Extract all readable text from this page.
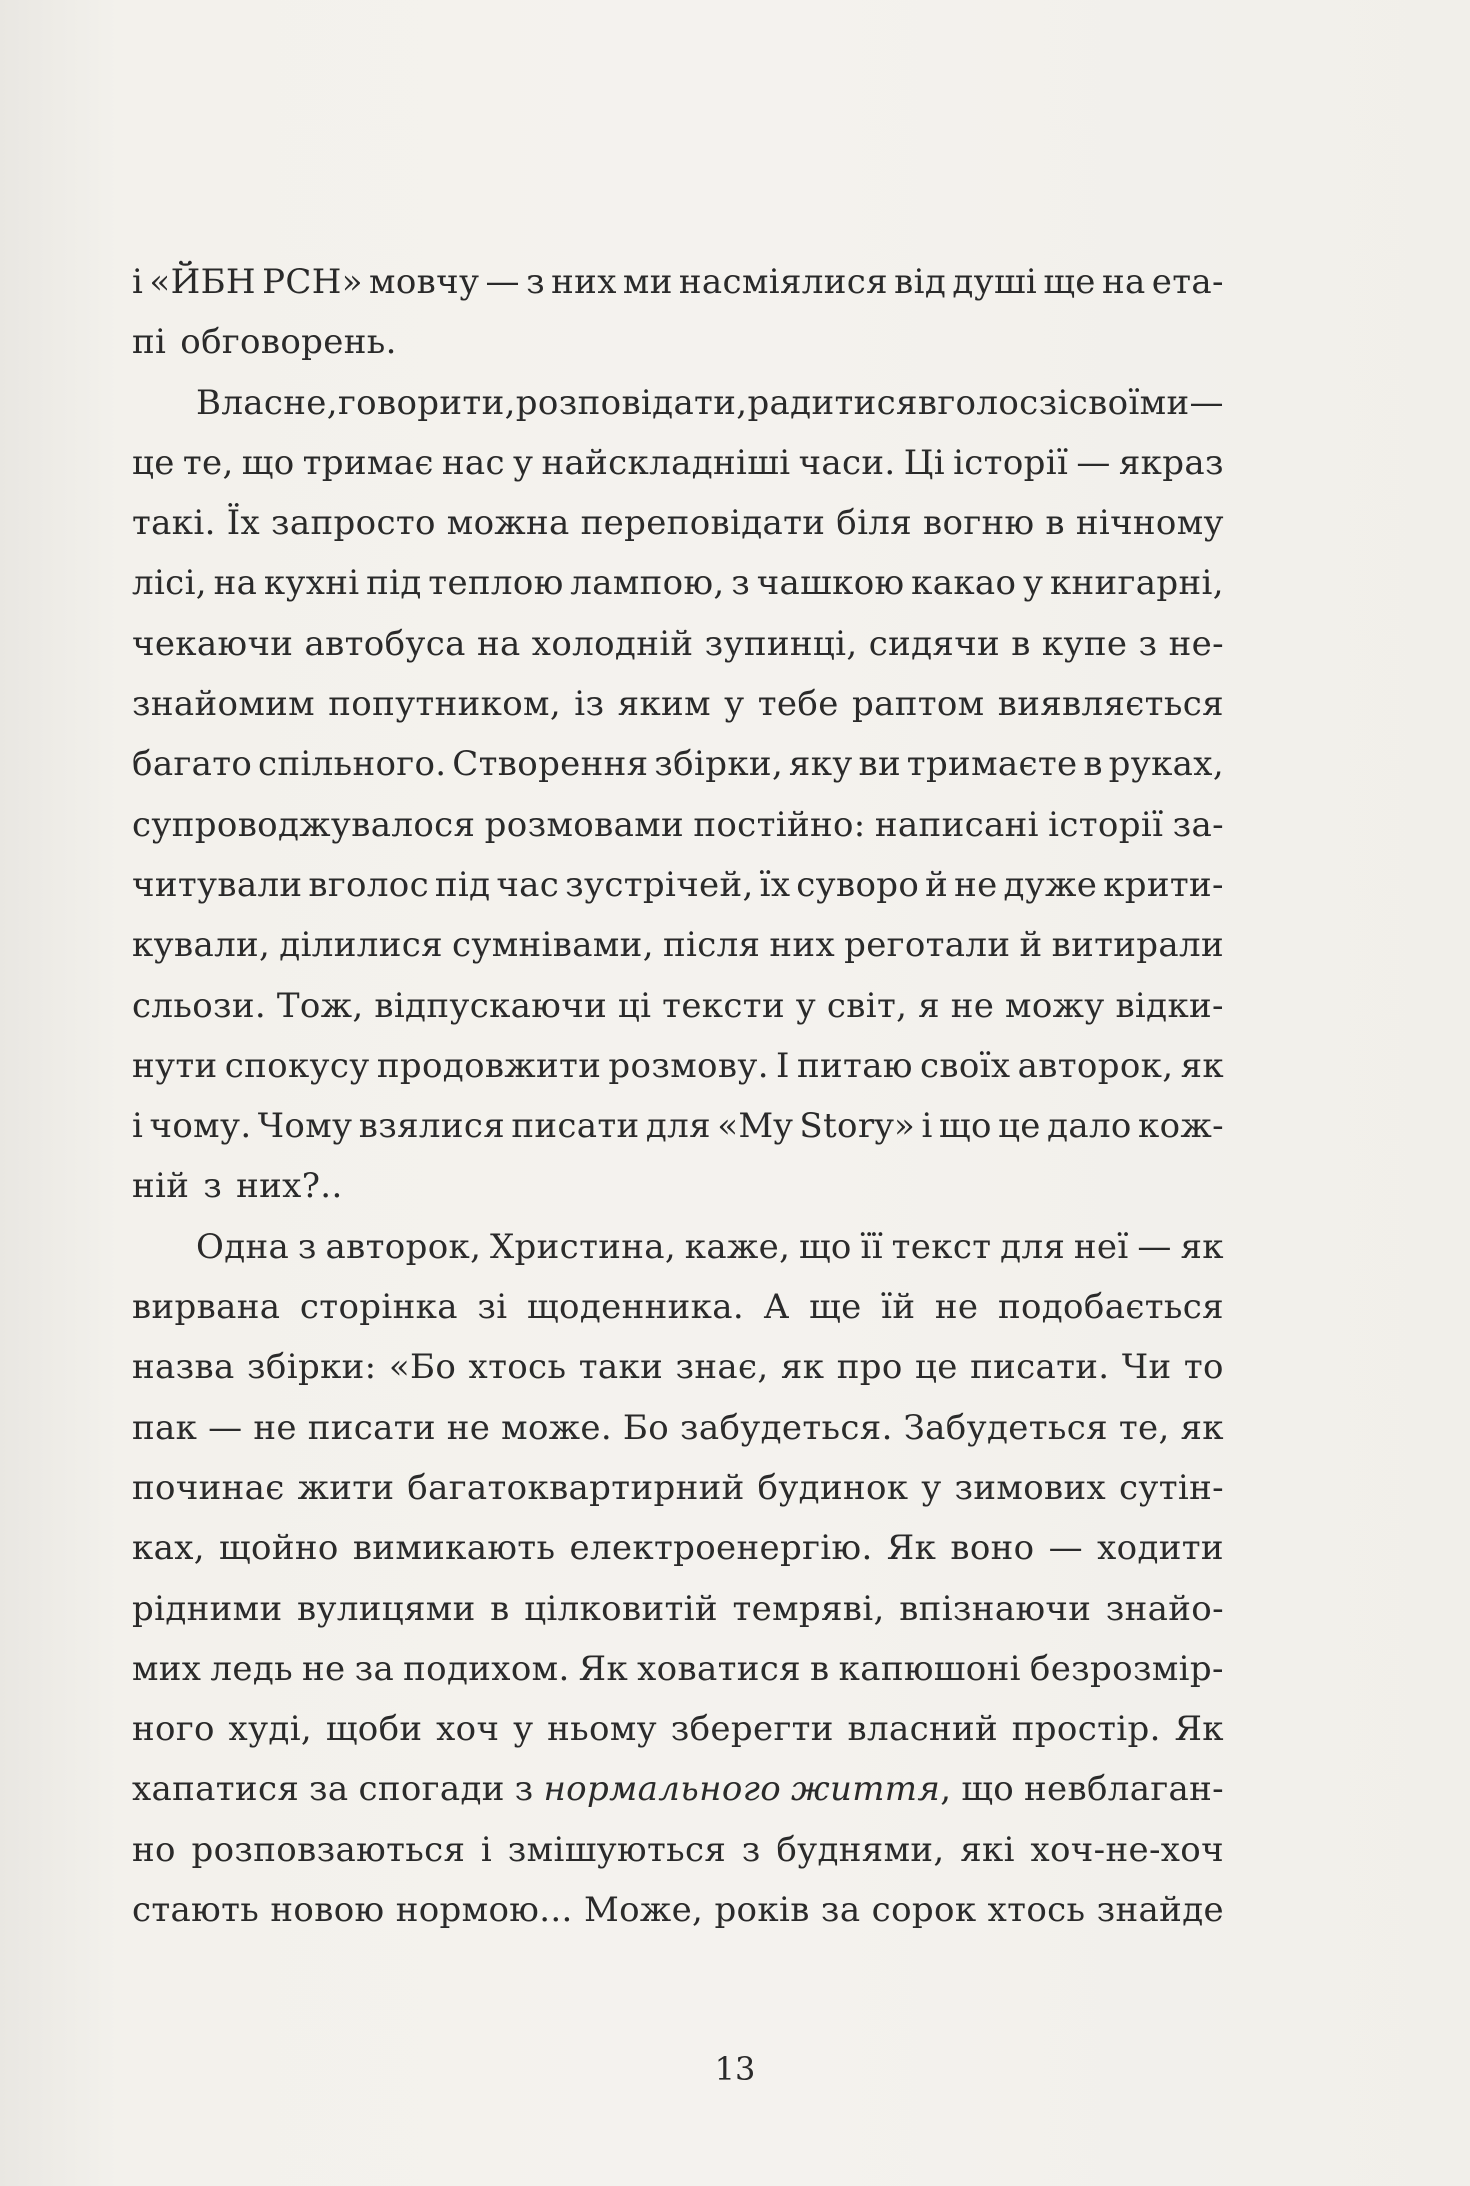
і «ЙБН РСН» мовчу — з них ми насміялися від душі ще на ета-
пі обговорень.
Власне, говорити, розповідати, радитися вголос зі своїми —
це те, що тримає нас у найскладніші часи. Ці історії — якраз
такі. Їх запросто можна переповідати біля вогню в нічному
лісі, на кухні під теплою лампою, з чашкою какао у книгарні,
чекаючи автобуса на холодній зупинці, сидячи в купе з не-
знайомим попутником, із яким у тебе раптом виявляється
багато спільного. Створення збірки, яку ви тримаєте в руках,
супроводжувалося розмовами постійно: написані історії за-
читували вголос під час зустрічей, їх суворо й не дуже крити-
кували, ділилися сумнівами, після них реготали й витирали
сльози. Тож, відпускаючи ці тексти у світ, я не можу відки-
нути спокусу продовжити розмову. І питаю своїх авторок, як
і чому. Чому взялися писати для «My Story» і що це дало кож-
ній з них?..
Одна з авторок, Христина, каже, що її текст для неї — як
вирвана сторінка зі щоденника. А ще їй не подобається
назва збірки: «Бо хтось таки знає, як про це писати. Чи то
пак — не писати не може. Бо забудеться. Забудеться те, як
починає жити багатоквартирний будинок у зимових сутін-
ках, щойно вимикають електроенергію. Як воно — ходити
рідними вулицями в цілковитій темряві, впізнаючи знайо-
мих ледь не за подихом. Як ховатися в капюшоні безрозмір-
ного худі, щоби хоч у ньому зберегти власний простір. Як
хапатися за спогади з нормального життя, що невблаган-
но розповзаються і змішуються з буднями, які хоч-не-хоч
стають новою нормою... Може, років за сорок хтось знайде
13
